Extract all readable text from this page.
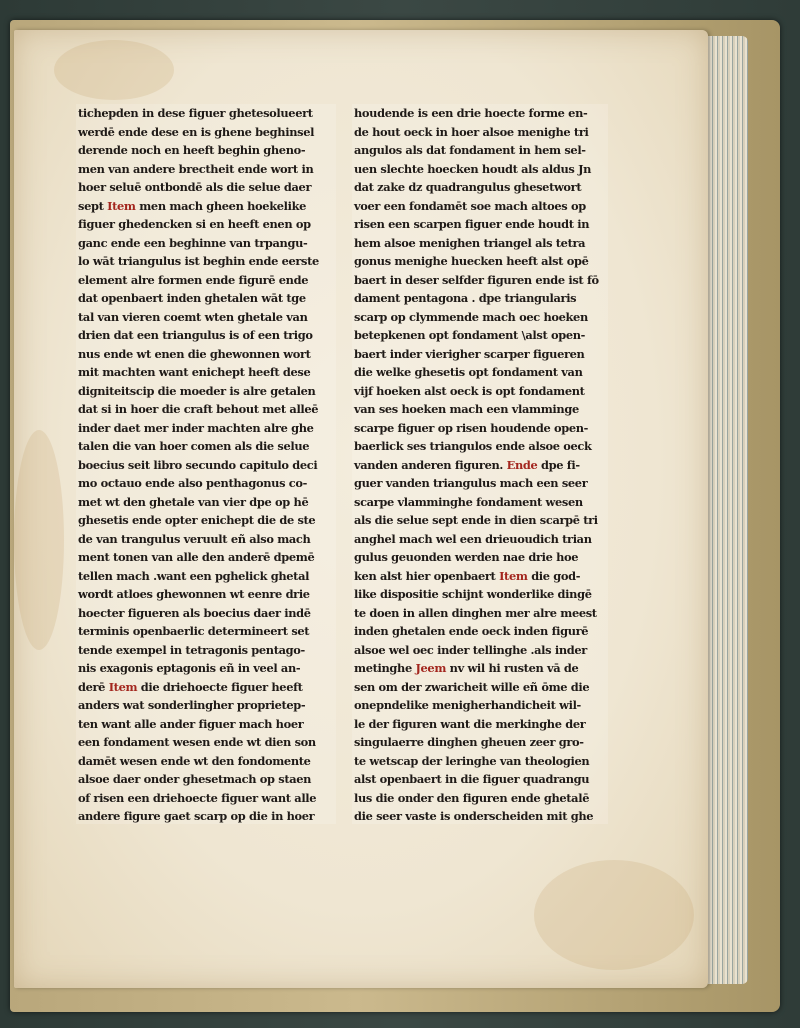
tichepden in dese figuer ghetesolueert
werdē ende dese en is ghene beghinsel
derende noch en heeft beghin gheno-
men van andere brectheit ende wort in
hoer seluē ontbondē als die selue daer
sept Item men mach gheen hoekelike
figuer ghedencken si en heeft enen op
ganc ende een beghinne van trpangu-
lo wāt triangulus ist beghin ende eerste
element alre formen ende figurē ende
dat openbaert inden ghetalen wāt tge
tal van vieren coemt wten ghetale van
drien dat een triangulus is of een trigo
nus ende wt enen die ghewonnen wort
mit machten want enichept heeft dese
digniteitscip die moeder is alre getalen
dat si in hoer die craft behout met alleē
inder daet mer inder machten alre ghe
talen die van hoer comen als die selue
boecius seit libro secundo capitulo deci
mo octauo ende also penthagonus co-
met wt den ghetale van vier dpe op hē
ghesetis ende opter enichept die de ste
de van trangulus veruult eñ also mach
ment tonen van alle den anderē dpemē
tellen mach .want een pghelick ghetal
wordt atloes ghewonnen wt eenre drie
hoecter figueren als boecius daer indē
terminis openbaerlic determineert set
tende exempel in tetragonis pentago-
nis exagonis eptagonis eñ in veel an-
derē Item die driehoecte figuer heeft
anders wat sonderlingher proprietep-
ten want alle ander figuer mach hoer
een fondament wesen ende wt dien son
damēt wesen ende wt den fondomente
alsoe daer onder ghesetmach op staen
of risen een driehoecte figuer want alle
andere figure gaet scarp op die in hoer
houdende is een drie hoecte forme en-
de hout oeck in hoer alsoe menighe tri
angulos als dat fondament in hem sel-
uen slechte hoecken houdt als aldus Jn
dat zake dz quadrangulus ghesetwort
voer een fondamēt soe mach altoes op
risen een scarpen figuer ende houdt in
hem alsoe menighen triangel als tetra
gonus menighe huecken heeft alst opē
baert in deser selfder figuren ende ist fō
dament pentagona . dpe triangularis
scarp op clymmende mach oec hoeken
betepkenen opt fondament \alst open-
baert inder vierigher scarper figueren
die welke ghesetis opt fondament van
vijf hoeken alst oeck is opt fondament
van ses hoeken mach een vlamminge
scarpe figuer op risen houdende open-
baerlick ses triangulos ende alsoe oeck
vanden anderen figuren. Ende dpe fi-
guer vanden triangulus mach een seer
scarpe vlamminghe fondament wesen
als die selue sept ende in dien scarpē tri
anghel mach wel een drieuoudich trian
gulus geuonden werden nae drie hoe
ken alst hier openbaert Item die god-
like dispositie schijnt wonderlike dingē
te doen in allen dinghen mer alre meest
inden ghetalen ende oeck inden figurē
alsoe wel oec inder tellinghe .als inder
metinghe Jeem nv wil hi rusten vā de
sen om der zwaricheit wille eñ ōme die
onepndelike menigherhandicheit wil-
le der figuren want die merkinghe der
singulaerre dinghen gheuen zeer gro-
te wetscap der leringhe van theologien
alst openbaert in die figuer quadrangu
lus die onder den figuren ende ghetalē
die seer vaste is onderscheiden mit ghe
